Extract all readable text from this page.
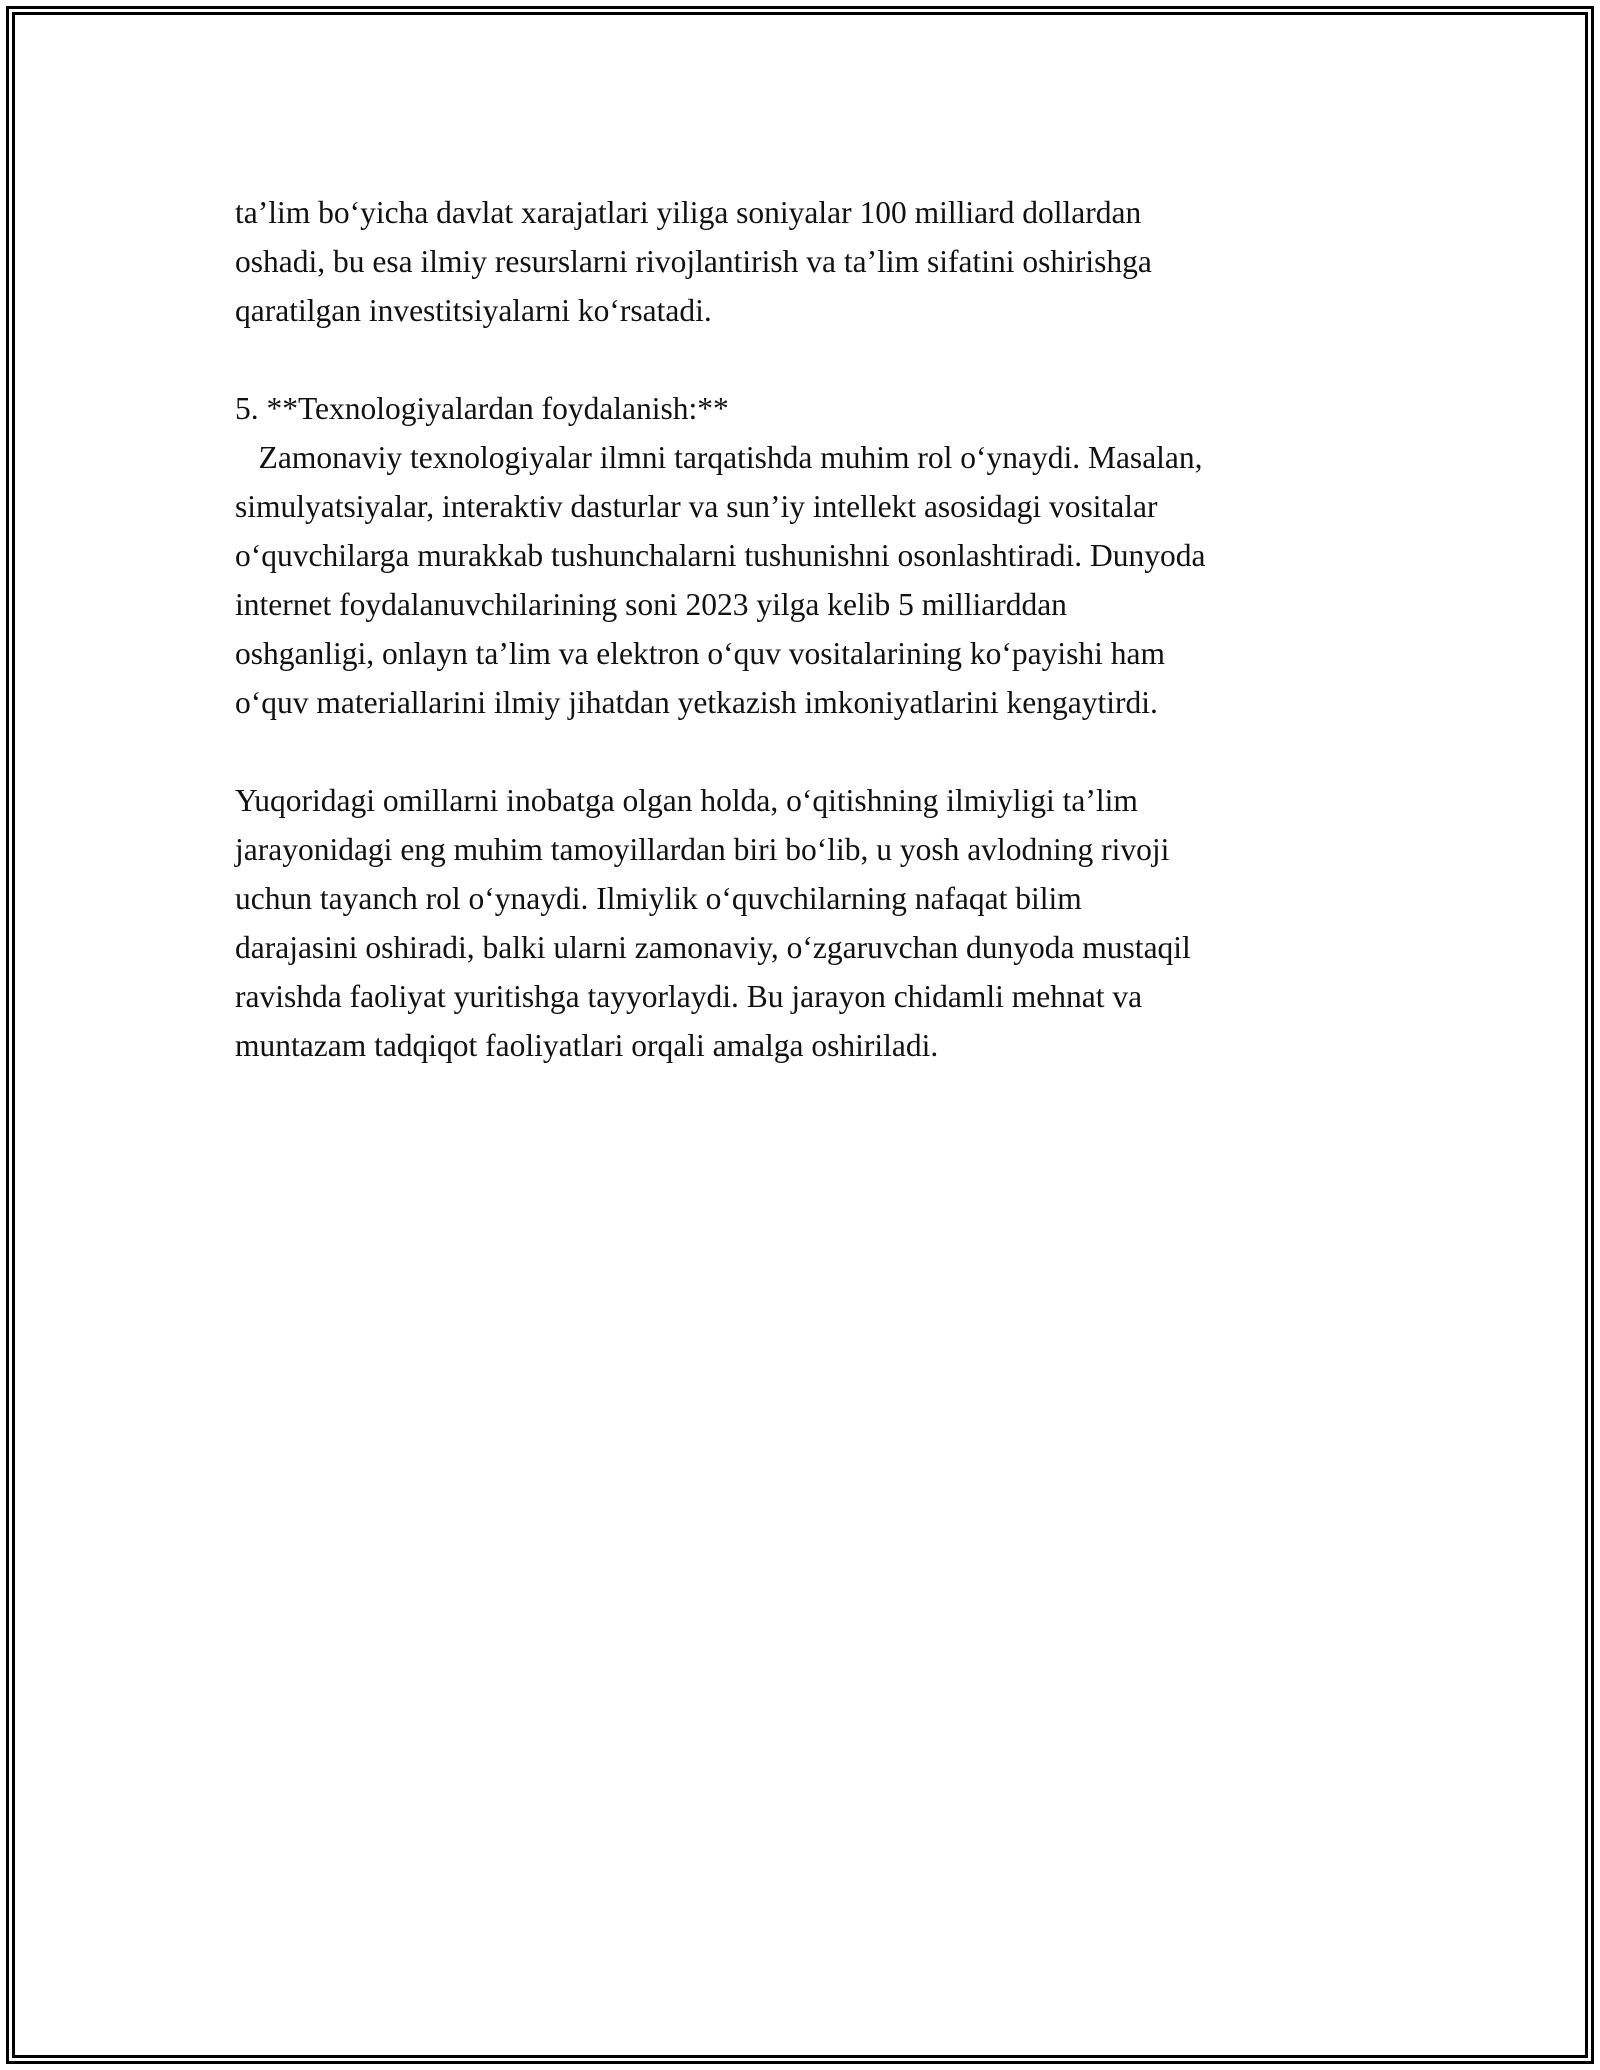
ta’lim bo‘yicha davlat xarajatlari yiliga soniyalar 100 milliard dollardan
oshadi, bu esa ilmiy resurslarni rivojlantirish va ta’lim sifatini oshirishga
qaratilgan investitsiyalarni ko‘rsatadi.
5. **Texnologiyalardan foydalanish:**
Zamonaviy texnologiyalar ilmni tarqatishda muhim rol o‘ynaydi. Masalan,
simulyatsiyalar, interaktiv dasturlar va sun’iy intellekt asosidagi vositalar
o‘quvchilarga murakkab tushunchalarni tushunishni osonlashtiradi. Dunyoda
internet foydalanuvchilarining soni 2023 yilga kelib 5 milliarddan
oshganligi, onlayn ta’lim va elektron o‘quv vositalarining ko‘payishi ham
o‘quv materiallarini ilmiy jihatdan yetkazish imkoniyatlarini kengaytirdi.
Yuqoridagi omillarni inobatga olgan holda, o‘qitishning ilmiyligi ta’lim
jarayonidagi eng muhim tamoyillardan biri bo‘lib, u yosh avlodning rivoji
uchun tayanch rol o‘ynaydi. Ilmiylik o‘quvchilarning nafaqat bilim
darajasini oshiradi, balki ularni zamonaviy, o‘zgaruvchan dunyoda mustaqil
ravishda faoliyat yuritishga tayyorlaydi. Bu jarayon chidamli mehnat va
muntazam tadqiqot faoliyatlari orqali amalga oshiriladi.
